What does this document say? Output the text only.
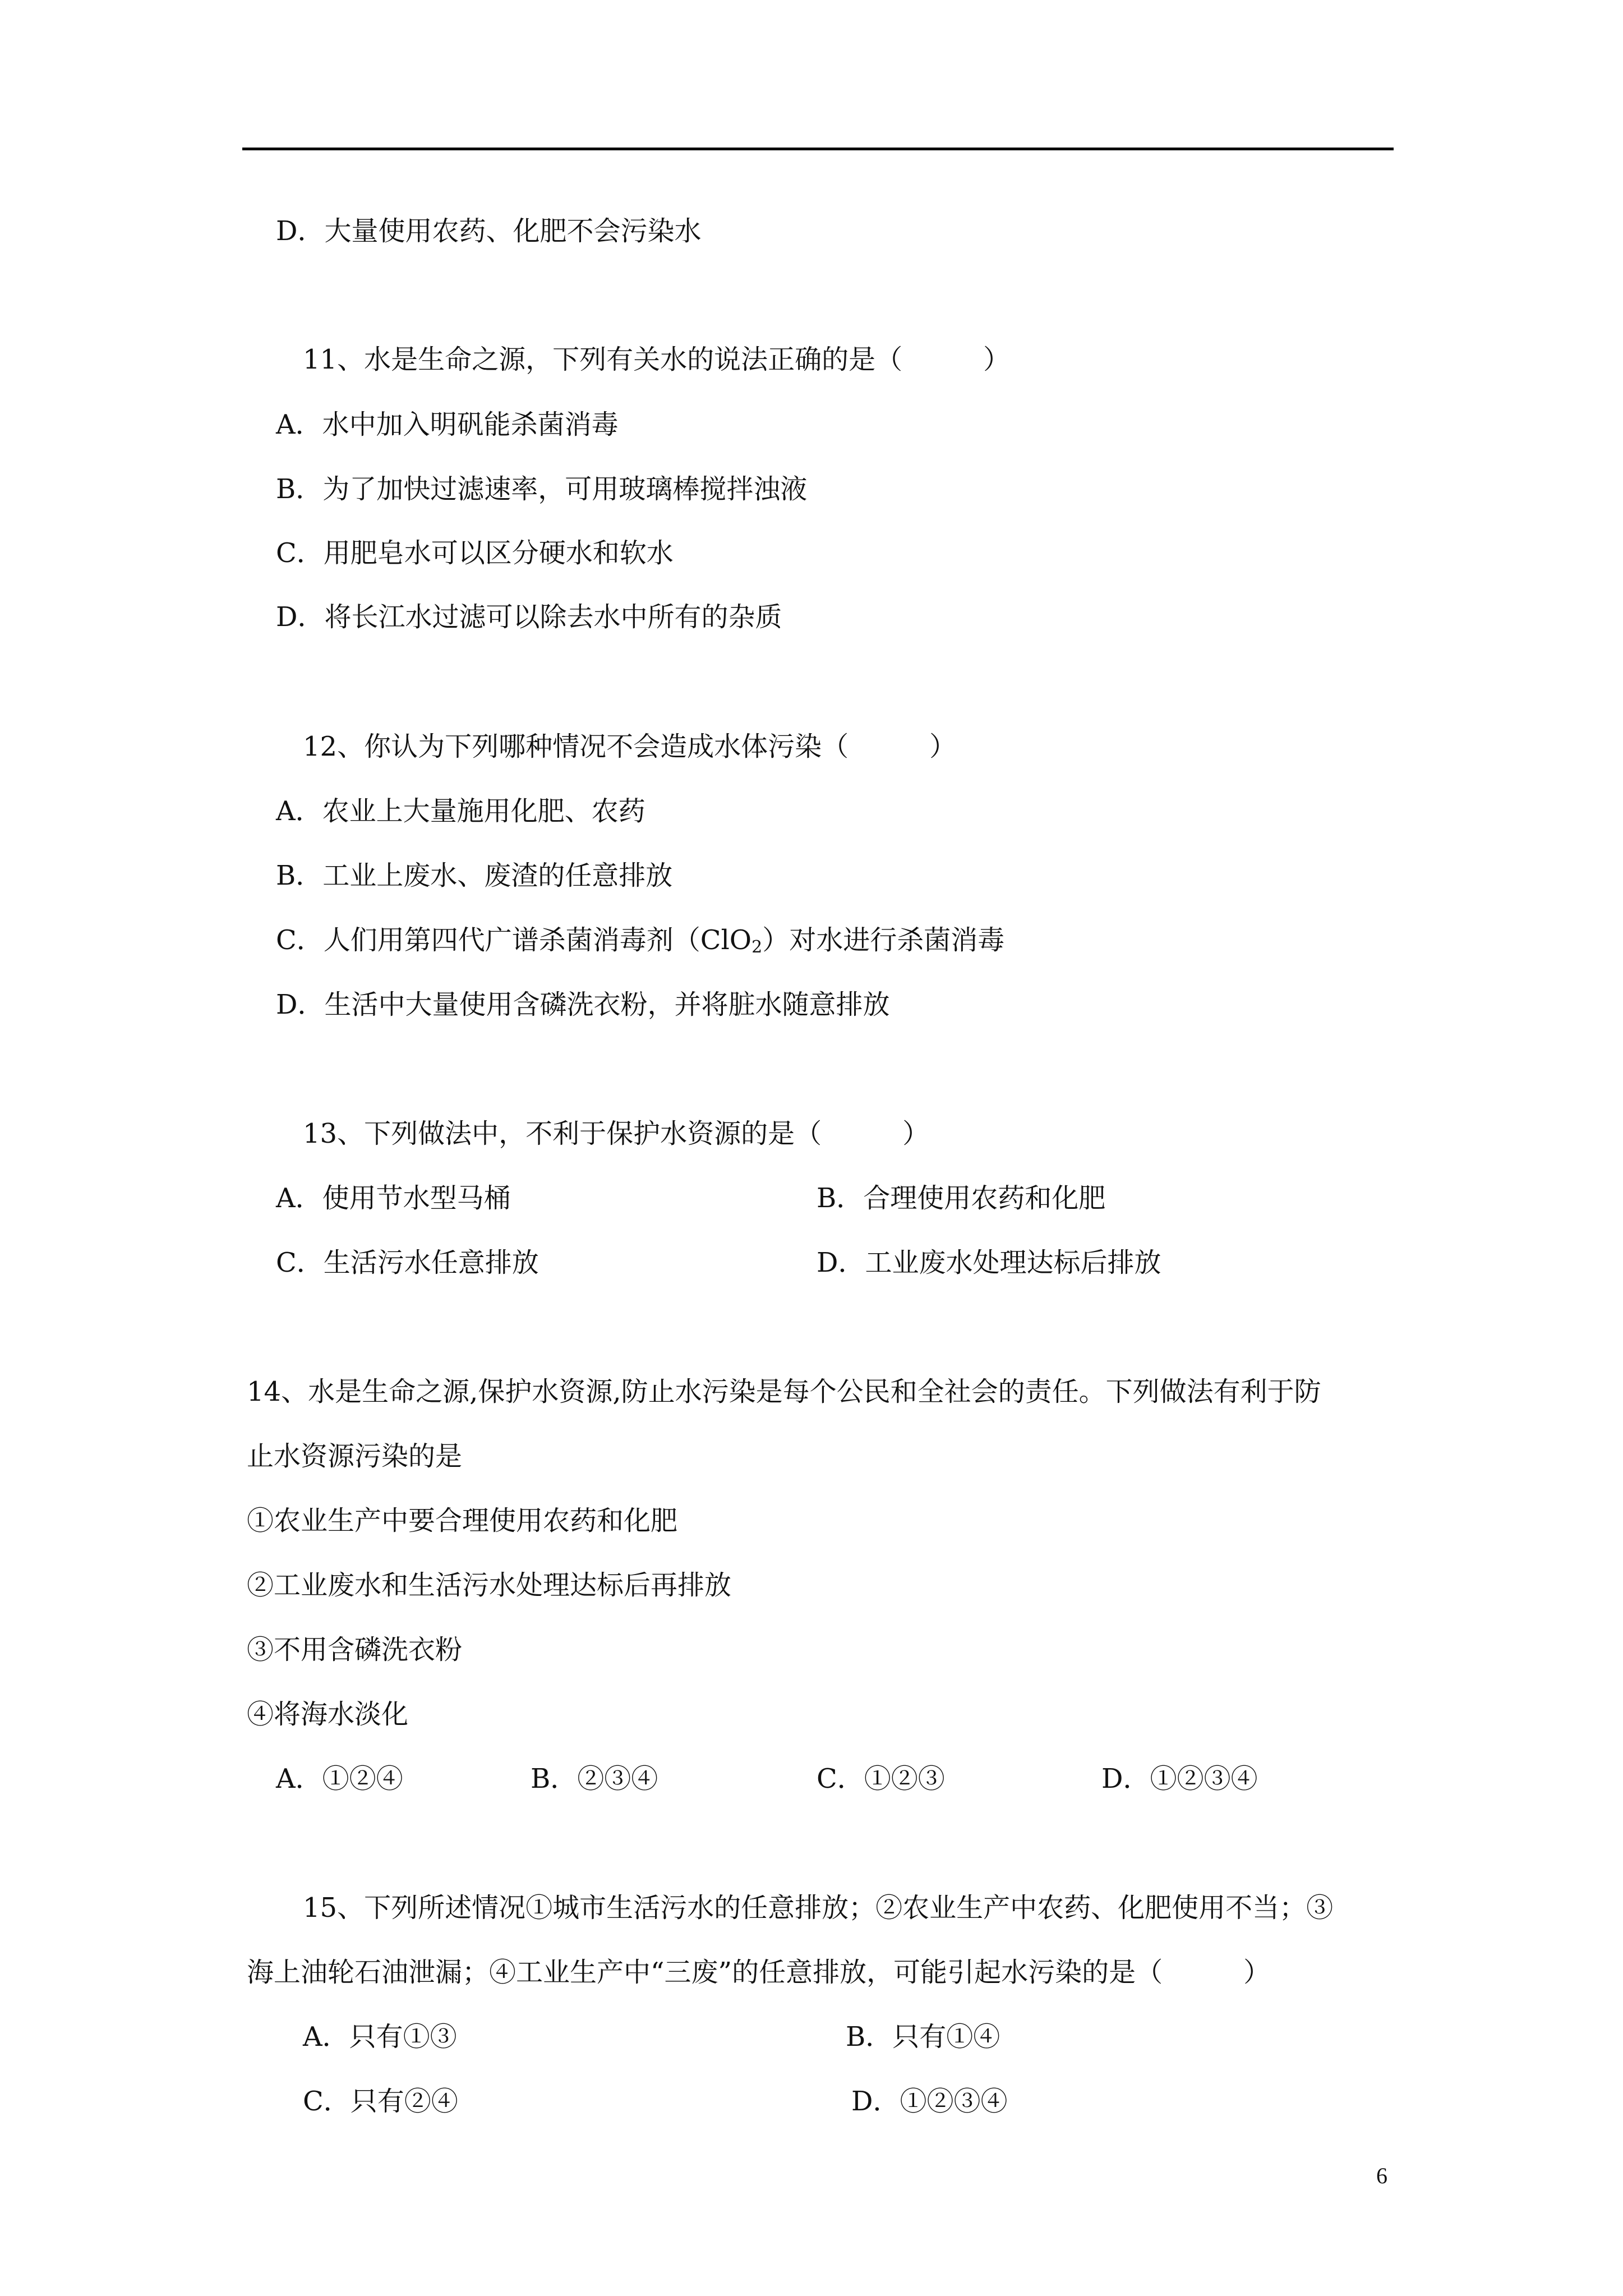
D．大量使用农药、化肥不会污染水
11、水是生命之源，下列有关水的说法正确的是（　　　）
A．水中加入明矾能杀菌消毒
B．为了加快过滤速率，可用玻璃棒搅拌浊液
C．用肥皂水可以区分硬水和软水
D．将长江水过滤可以除去水中所有的杂质
12、你认为下列哪种情况不会造成水体污染（　　　）
A．农业上大量施用化肥、农药
B．工业上废水、废渣的任意排放
C．人们用第四代广谱杀菌消毒剂（ClO$_2$）对水进行杀菌消毒
D．生活中大量使用含磷洗衣粉，并将脏水随意排放
13、下列做法中，不利于保护水资源的是（　　　）
A．使用节水型马桶	B．合理使用农药和化肥
C．生活污水任意排放	D．工业废水处理达标后排放
14、水是生命之源,保护水资源,防止水污染是每个公民和全社会的责任。下列做法有利于防
止水资源污染的是
①农业生产中要合理使用农药和化肥
②工业废水和生活污水处理达标后再排放
③不用含磷洗衣粉
④将海水淡化
A．①②④	B．②③④	C．①②③	D．①②③④
15、下列所述情况①城市生活污水的任意排放；②农业生产中农药、化肥使用不当；③
海上油轮石油泄漏；④工业生产中“三废”的任意排放，可能引起水污染的是（　　　）
A．只有①③	B．只有①④
C．只有②④	D．①②③④
6
